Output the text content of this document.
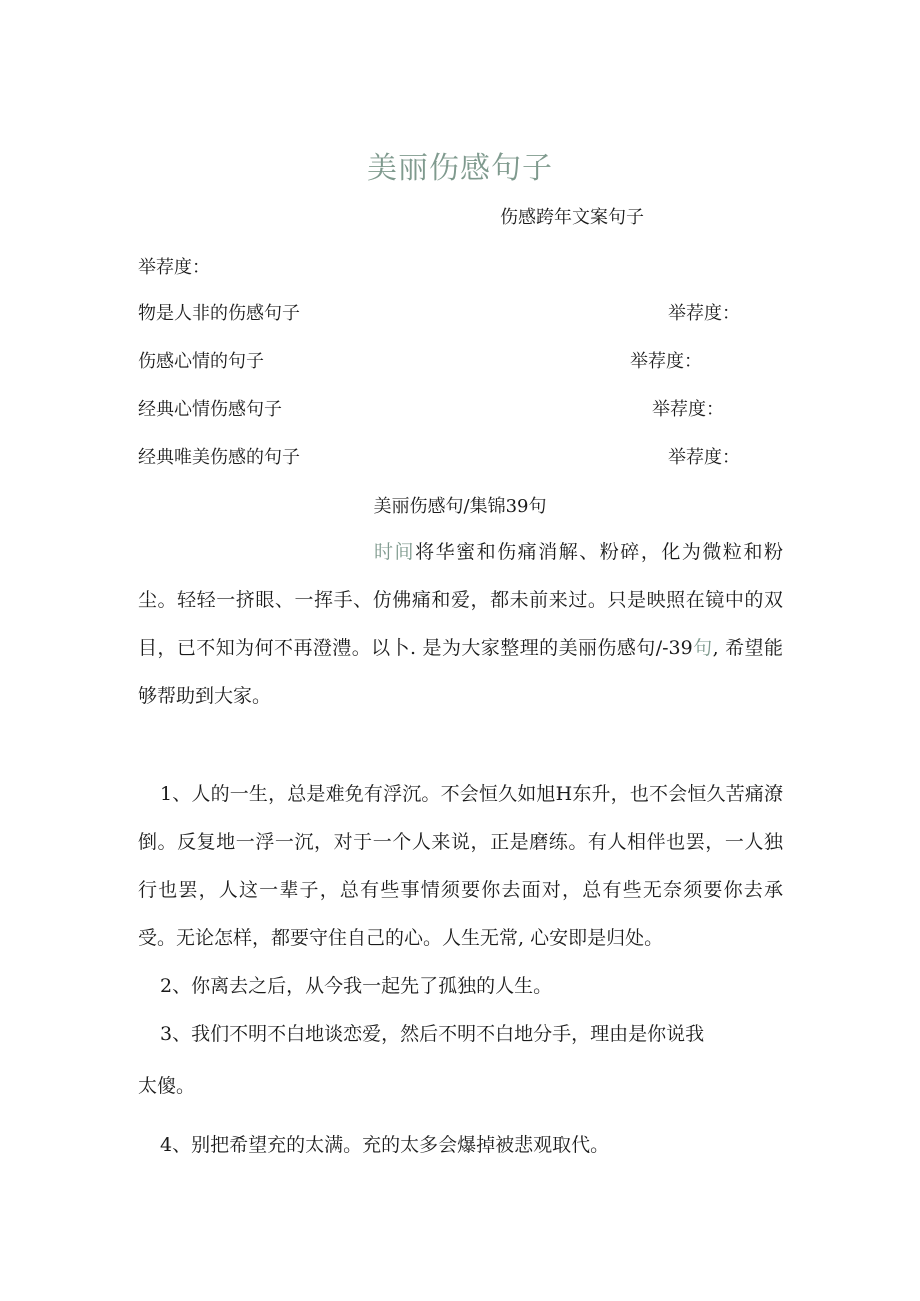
美丽伤感句子
伤感跨年文案句子
举荐度：
物是人非的伤感句子	举荐度：
伤感心情的句子	举荐度：
经典心情伤感句子	举荐度：
经典唯美伤感的句子	举荐度：
美丽伤感句/集锦39句
时间将华蜜和伤痛消解、粉碎，化为微粒和粉尘。轻轻一挤眼、一挥手、仿佛痛和爱，都未前来过。只是映照在镜中的双目，已不知为何不再澄澧。以卜. 是为大家整理的美丽伤感句/-39句, 希望能够帮助到大家。
1、人的一生，总是难免有浮沉。不会恒久如旭H东升，也不会恒久苦痛潦倒。反复地一浮一沉，对于一个人来说，正是磨练。有人相伴也罢，一人独行也罢，人这一辈子，总有些事情须要你去面对，总有些无奈须要你去承受。无论怎样，都要守住自己的心。人生无常, 心安即是归处。
2、你离去之后，从今我一起先了孤独的人生。
3、我们不明不白地谈恋爱，然后不明不白地分手，理由是你说我
太傻。
4、别把希望充的太满。充的太多会爆掉被悲观取代。
